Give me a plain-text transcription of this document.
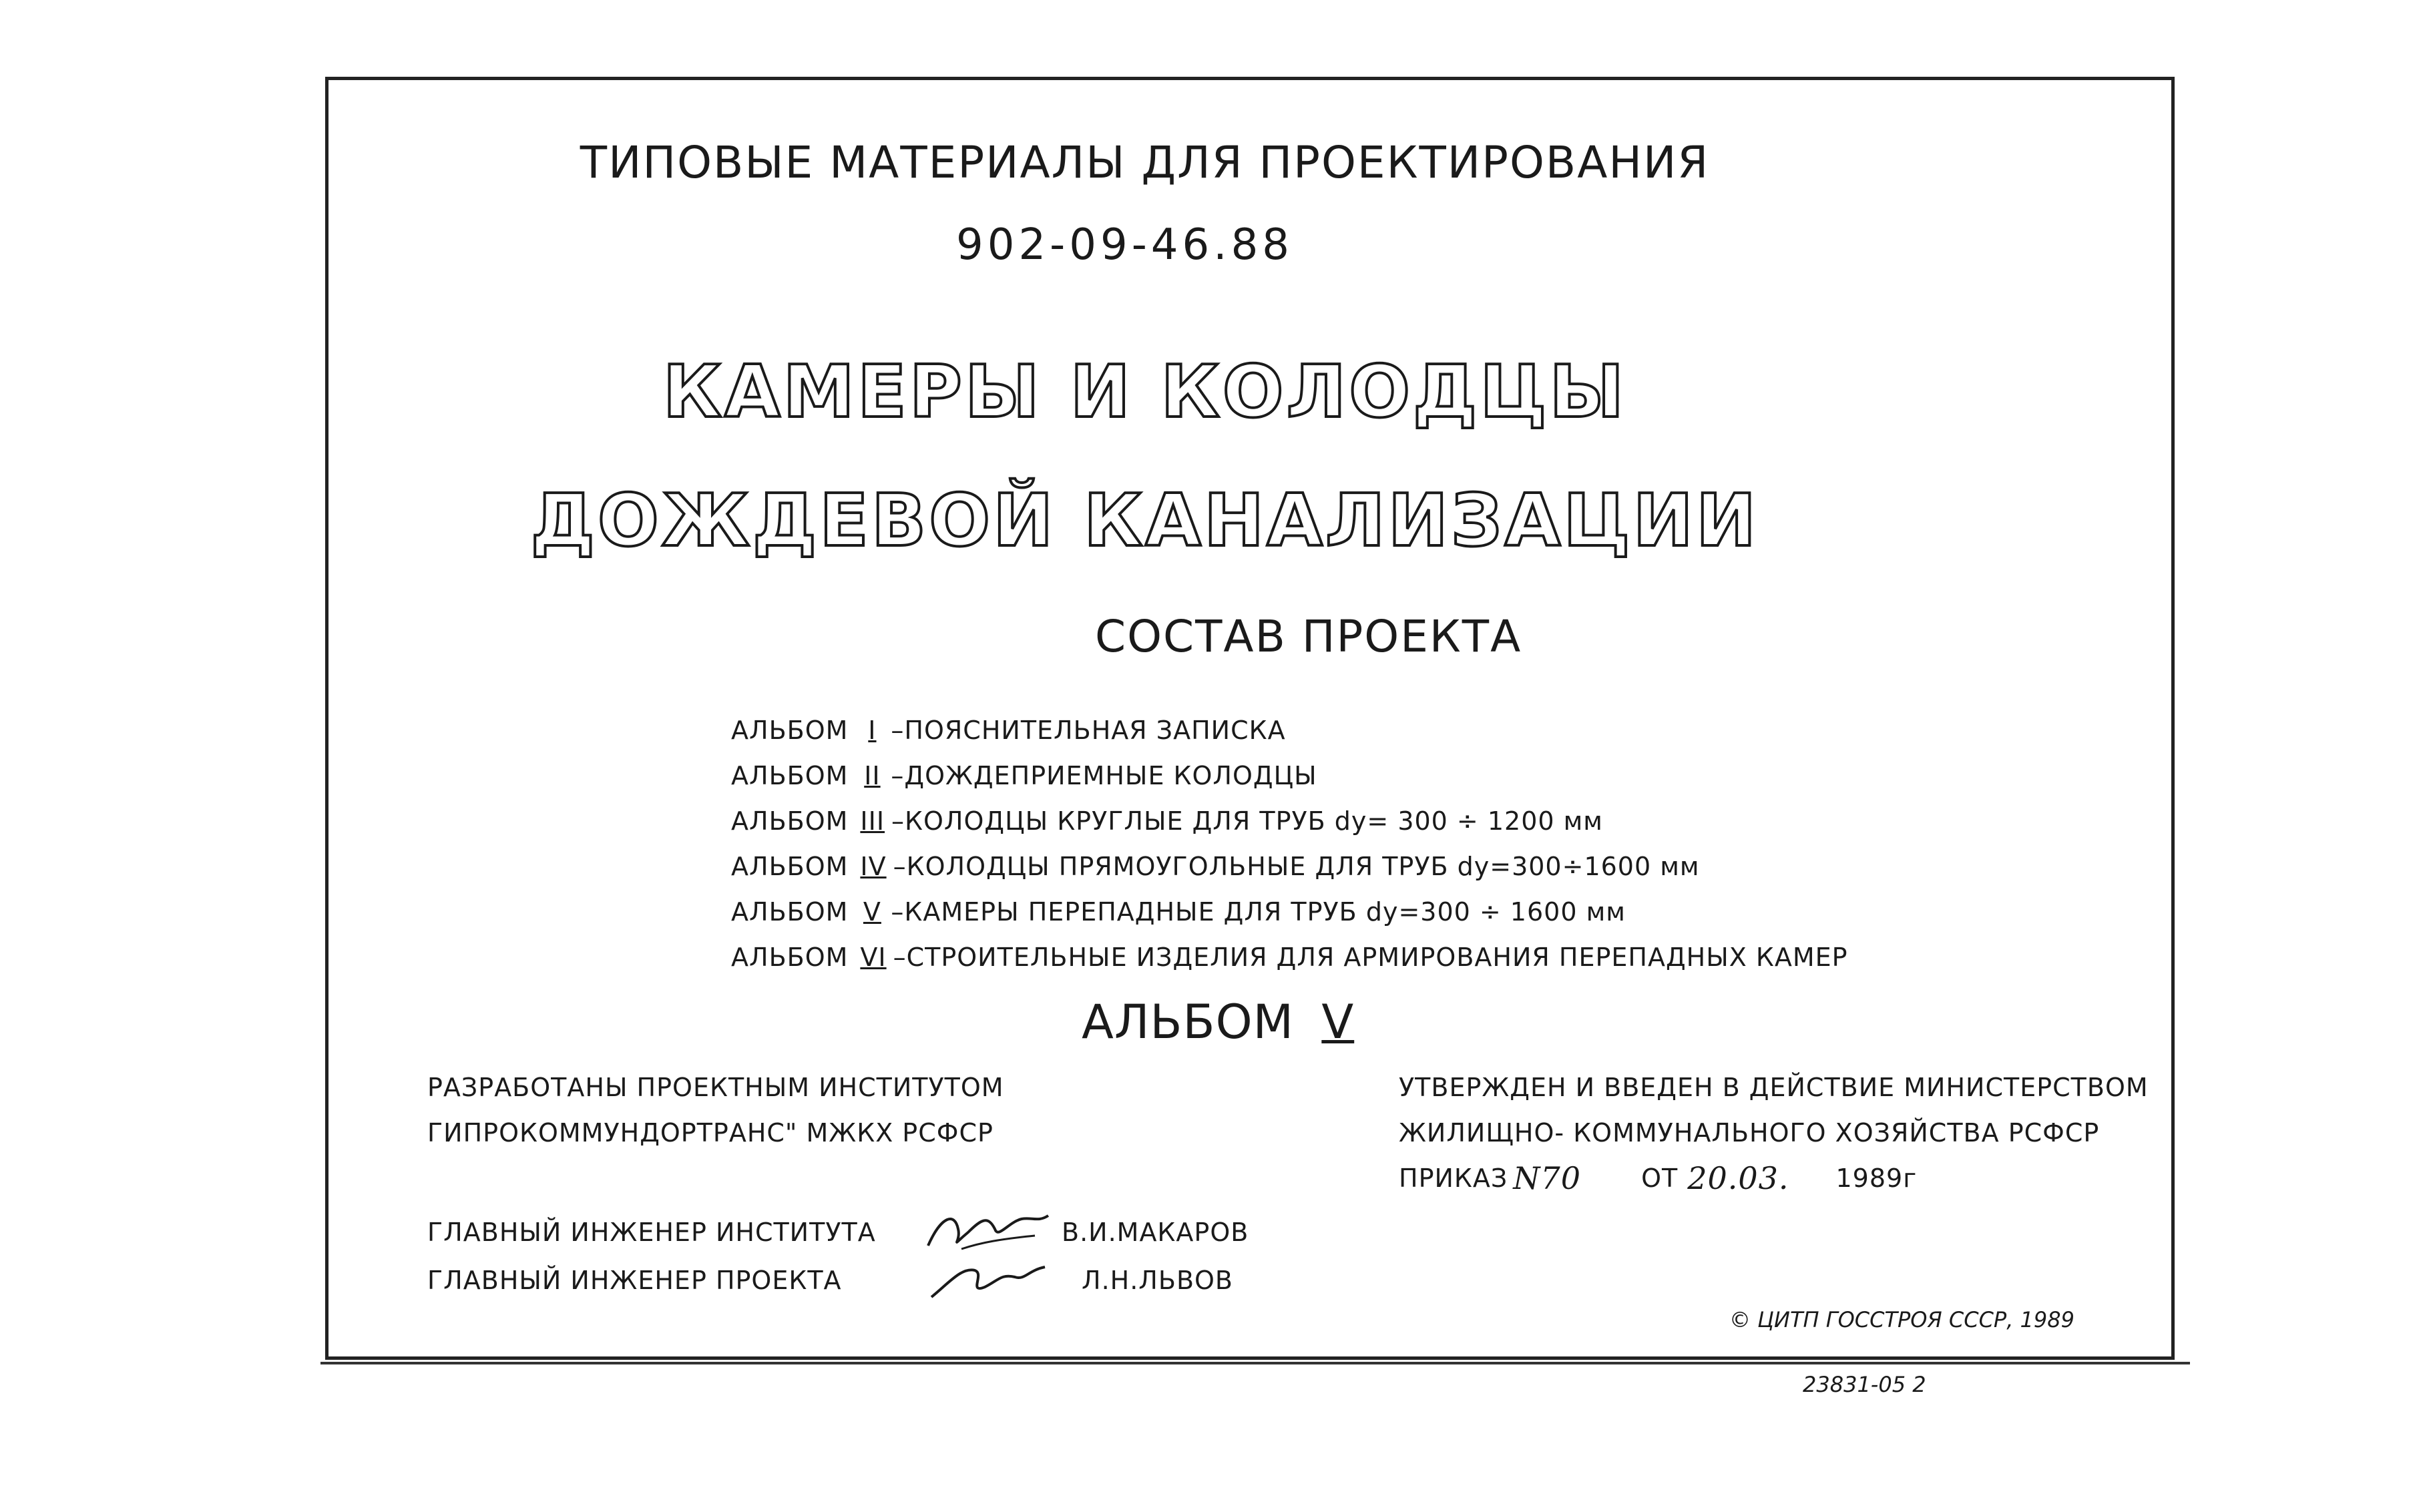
ТИПОВЫЕ МАТЕРИАЛЫ ДЛЯ ПРОЕКТИРОВАНИЯ
902-09-46.88
КАМЕРЫ И КОЛОДЦЫ
ДОЖДЕВОЙ КАНАЛИЗАЦИИ
СОСТАВ ПРОЕКТА
АЛЬБОМ I –ПОЯСНИТЕЛЬНАЯ ЗАПИСКА
АЛЬБОМ II –ДОЖДЕПРИЕМНЫЕ КОЛОДЦЫ
АЛЬБОМ III –КОЛОДЦЫ КРУГЛЫЕ ДЛЯ ТРУБ dy= 300 ÷ 1200 мм
АЛЬБОМ IV –КОЛОДЦЫ ПРЯМОУГОЛЬНЫЕ ДЛЯ ТРУБ dy=300÷1600 мм
АЛЬБОМ V –КАМЕРЫ ПЕРЕПАДНЫЕ ДЛЯ ТРУБ dy=300 ÷ 1600 мм
АЛЬБОМ VI –СТРОИТЕЛЬНЫЕ ИЗДЕЛИЯ ДЛЯ АРМИРОВАНИЯ ПЕРЕПАДНЫХ КАМЕР
АЛЬБОМ V
РАЗРАБОТАНЫ ПРОЕКТНЫМ ИНСТИТУТОМ
ГИПРОКОММУНДОРТРАНС" МЖКХ РСФСР
УТВЕРЖДЕН И ВВЕДЕН В ДЕЙСТВИЕ МИНИСТЕРСТВОМ
ЖИЛИЩНО- КОММУНАЛЬНОГО ХОЗЯЙСТВА РСФСР
ПРИКАЗ N70 ОТ 20.03. 1989г
ГЛАВНЫЙ ИНЖЕНЕР ИНСТИТУТА	В.И.МАКАРОВ
ГЛАВНЫЙ ИНЖЕНЕР ПРОЕКТА	Л.Н.ЛЬВОВ
© ЦИТП ГОССТРОЯ СССР, 1989
23831-05 2
